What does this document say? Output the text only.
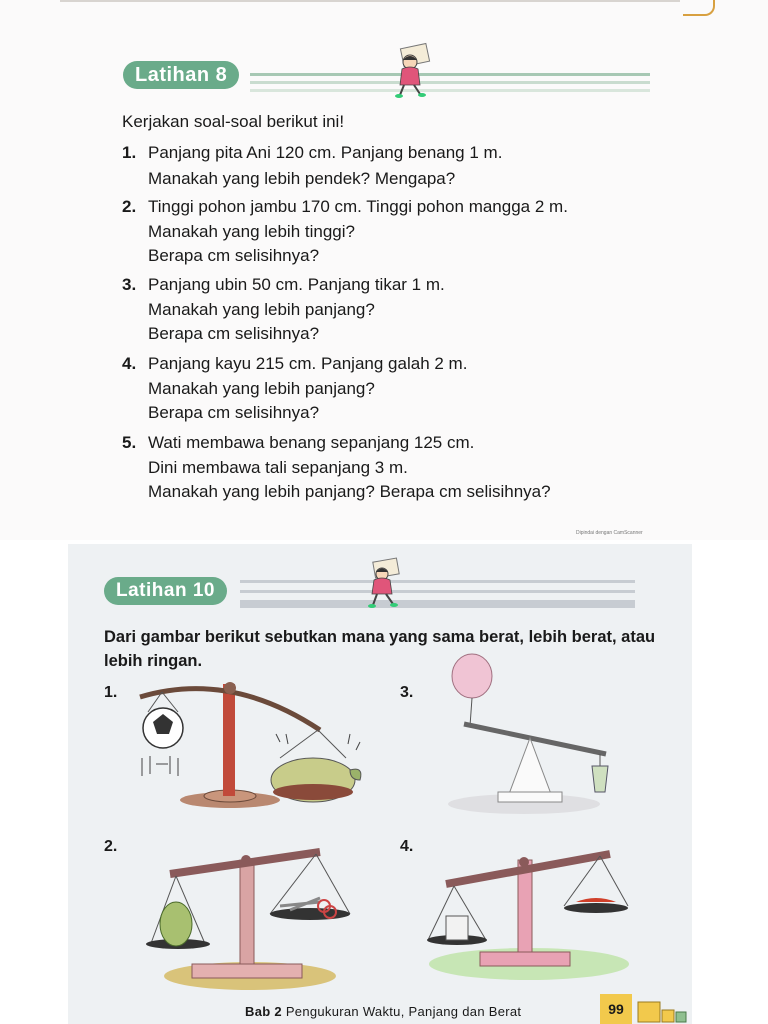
Latihan 8
Kerjakan soal-soal berikut ini!
1. Panjang pita Ani 120 cm. Panjang benang 1 m.
Manakah yang lebih pendek? Mengapa?
2. Tinggi pohon jambu 170 cm. Tinggi pohon mangga 2 m.
Manakah yang lebih tinggi?
Berapa cm selisihnya?
3. Panjang ubin 50 cm. Panjang tikar 1 m.
Manakah yang lebih panjang?
Berapa cm selisihnya?
4. Panjang kayu 215 cm. Panjang galah 2 m.
Manakah yang lebih panjang?
Berapa cm selisihnya?
5. Wati membawa benang sepanjang 125 cm.
Dini membawa tali sepanjang 3 m.
Manakah yang lebih panjang? Berapa cm selisihnya?
Dipindai dengan CamScanner
Latihan 10
Dari gambar berikut sebutkan mana yang sama berat, lebih berat, atau lebih ringan.
1.	3.
2.	4.
Bab 2 Pengukuran Waktu, Panjang dan Berat	99
